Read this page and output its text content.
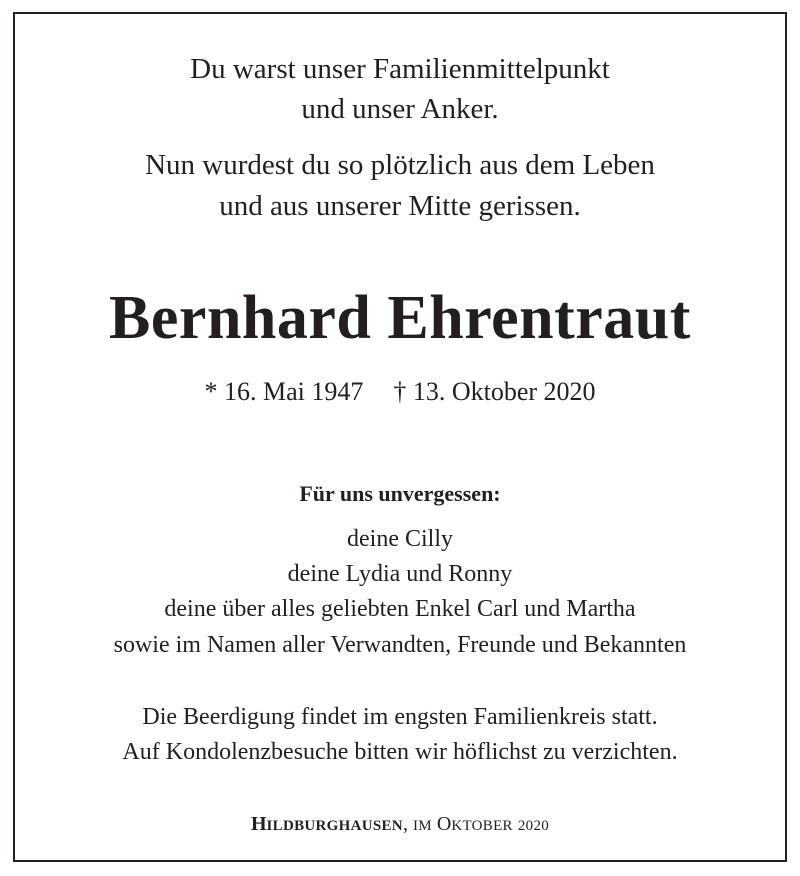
Du warst unser Familienmittelpunkt
und unser Anker.
Nun wurdest du so plötzlich aus dem Leben
und aus unserer Mitte gerissen.
Bernhard Ehrentraut
* 16. Mai 1947 † 13. Oktober 2020
Für uns unvergessen:
deine Cilly
deine Lydia und Ronny
deine über alles geliebten Enkel Carl und Martha
sowie im Namen aller Verwandten, Freunde und Bekannten
Die Beerdigung findet im engsten Familienkreis statt.
Auf Kondolenzbesuche bitten wir höflichst zu verzichten.
HILDBURGHAUSEN, IM OKTOBER 2020
